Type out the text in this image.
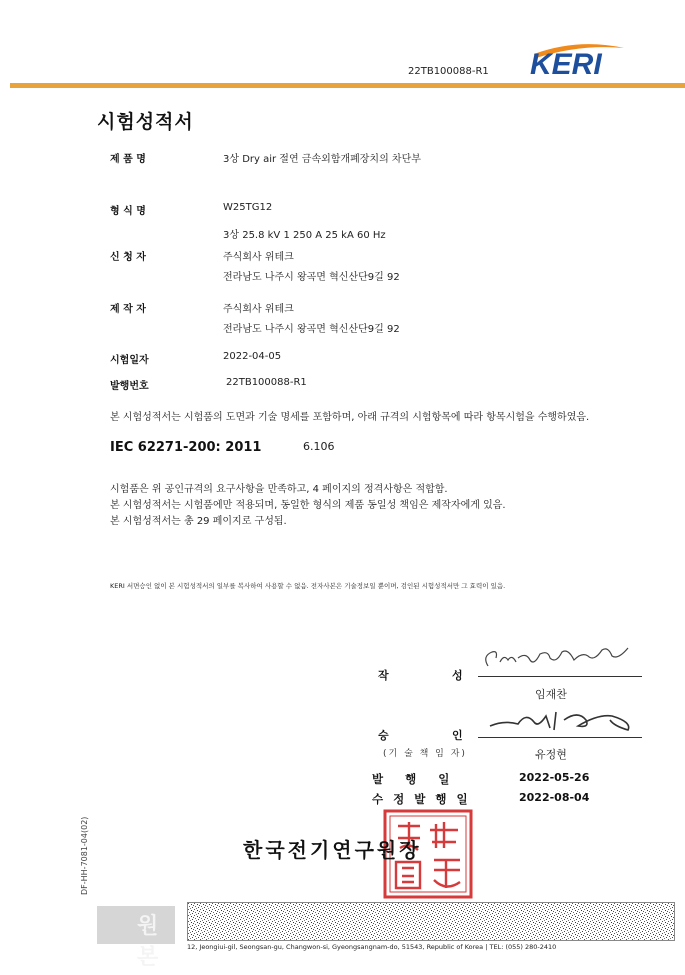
22TB100088-R1 KERI
시험성적서
제 품 명	3상 Dry air 절연 금속외함개폐장치의 차단부
형 식 명	W25TG12
3상 25.8 kV 1 250 A 25 kA 60 Hz
신 청 자	주식회사 위테크
전라남도 나주시 왕곡면 혁신산단9길 92
제 작 자	주식회사 위테크
전라남도 나주시 왕곡면 혁신산단9길 92
시험일자	2022-04-05
발행번호	22TB100088-R1
본 시험성적서는 시험품의 도면과 기술 명세를 포함하며, 아래 규격의 시험항목에 따라 항목시험을 수행하였음.
IEC 62271-200: 2011	6.106
시험품은 위 공인규격의 요구사항을 만족하고, 4 페이지의 정격사항은 적합함.
본 시험성적서는 시험품에만 적용되며, 동일한 형식의 제품 동일성 책임은 제작자에게 있음.
본 시험성적서는 총 29 페이지로 구성됨.
KERI 서면승인 없이 본 시험성적서의 일부를 복사하여 사용할 수 없음. 전자사본은 기술정보일 뿐이며, 검인된 시험성적서만 그 효력이 있음.
작	성
임재찬
승	인
(기 술 책 임 자)	유정현
발 행 일	2022-05-26
수 정 발 행 일	2022-08-04
한국전기연구원장
DF-HH-7081-04(02)
원본	12, Jeongiui-gil, Seongsan-gu, Changwon-si, Gyeongsangnam-do, 51543, Republic of Korea | TEL: (055) 280-2410
